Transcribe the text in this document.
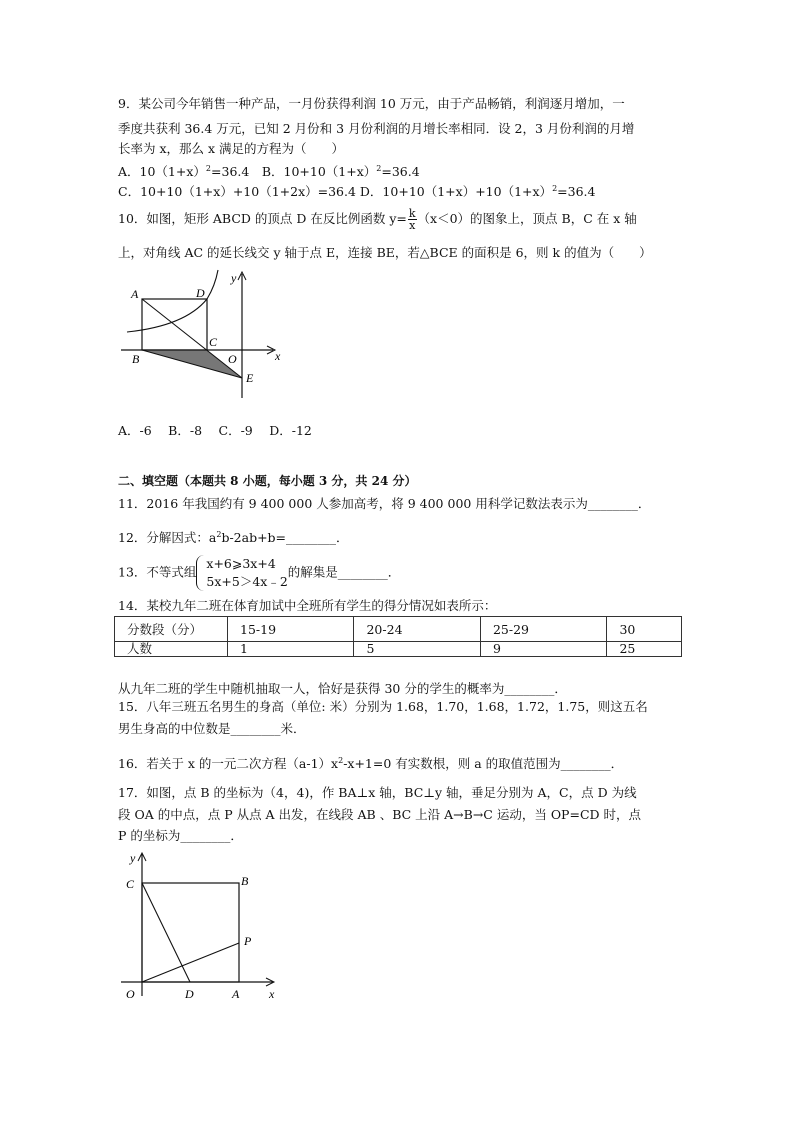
9．某公司今年销售一种产品，一月份获得利润 10 万元，由于产品畅销，利润逐月增加，一
季度共获利 36.4 万元，已知 2 月份和 3 月份利润的月增长率相同．设 2，3 月份利润的月增
长率为 x，那么 x 满足的方程为（　　）
A．$10(1+x)^2=36.4$　B．$10+10(1+x)^2=36.4$
C．10+10（1+x）+10（1+2x）=36.4 D．$10+10(1+x)+10(1+x)^2=36.4$
10．如图，矩形 ABCD 的顶点 D 在反比例函数 $y= \frac{k}{x} (x<0)$的图象上，顶点 B，C 在 x 轴
上，对角线 AC 的延长线交 y 轴于点 E，连接 BE，若△BCE 的面积是 6，则 k 的值为（　　）
A	D
C
B	O
E
x
y
A．-6　 B．-8　 C．-9　 D．-12
二、填空题（本题共 8 小题，每小题 3 分，共 24 分）
11．2016 年我国约有 9 400 000 人参加高考，将 9 400 000 用科学记数法表示为________．
12．分解因式：$a^2b-2ab+b=\_\_\_\_\_\_\_\_$．
13．不等式组
x+6⩾3x+4
5x+5＞4x﹣2
的解集是________．
14．某校九年二班在体育加试中全班所有学生的得分情况如表所示：
分数段（分）	15-19	20-24	25-29	30
人数	1	5	9	25
从九年二班的学生中随机抽取一人，恰好是获得 30 分的学生的概率为________．
15．八年三班五名男生的身高（单位: 米）分别为 1.68，1.70，1.68，1.72，1.75，则这五名
男生身高的中位数是________米．
16．若关于 x 的一元二次方程$(a-1)x^2-x+1=0$ 有实数根，则 a 的取值范围为________．
17．如图，点 B 的坐标为（4，4)，作 BA⊥x 轴，BC⊥y 轴，垂足分别为 A，C，点 D 为线
段 OA 的中点，点 P 从点 A 出发，在线段 AB 、BC 上沿 A→B→C 运动，当 OP=CD 时，点
P 的坐标为________．
C	B
P
O	D	A x
y
